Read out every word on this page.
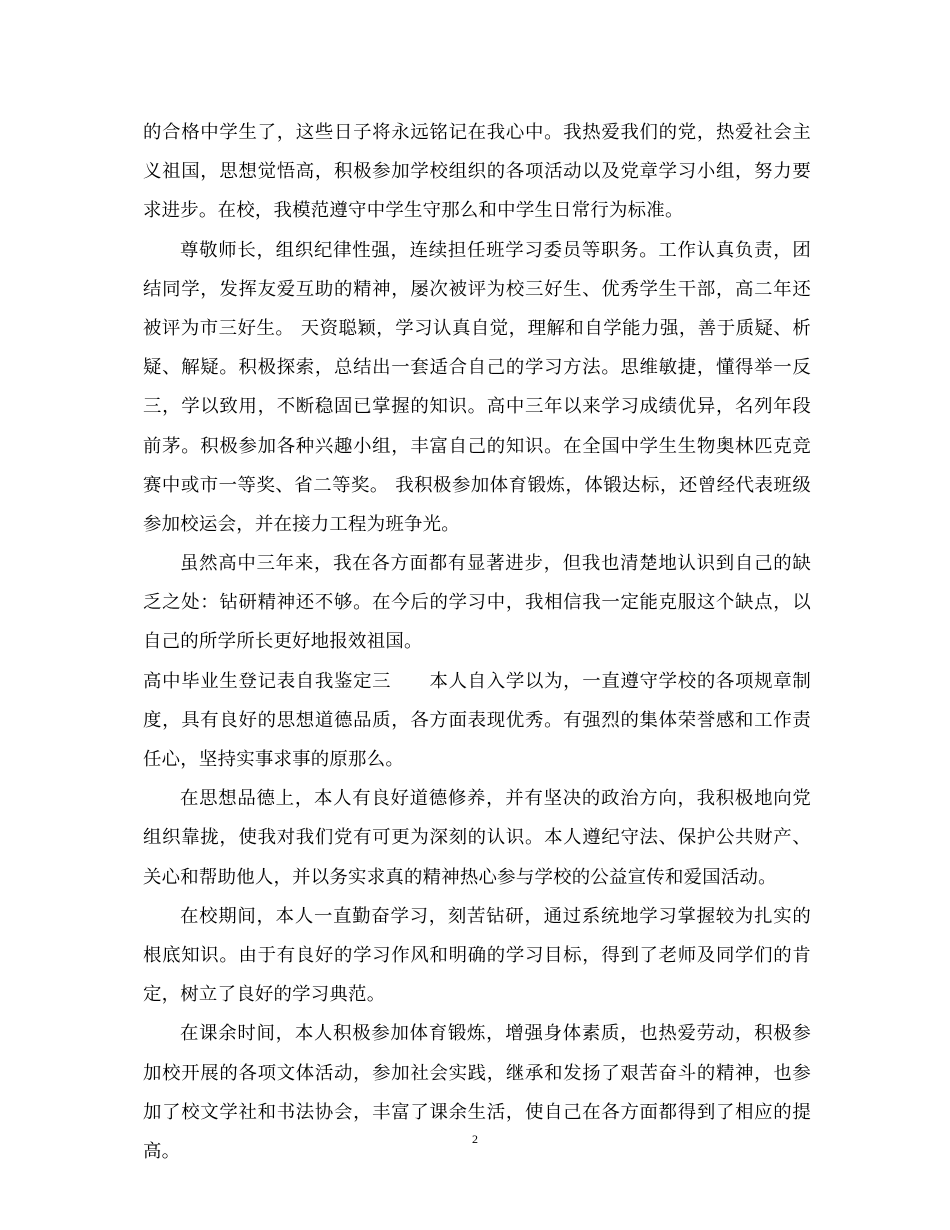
的合格中学生了，这些日子将永远铭记在我心中。我热爱我们的党，热爱社会主
义祖国，思想觉悟高，积极参加学校组织的各项活动以及党章学习小组，努力要
求进步。在校，我模范遵守中学生守那么和中学生日常行为标准。
尊敬师长，组织纪律性强，连续担任班学习委员等职务。工作认真负责，团
结同学，发挥友爱互助的精神，屡次被评为校三好生、优秀学生干部，高二年还
被评为市三好生。 天资聪颖，学习认真自觉，理解和自学能力强，善于质疑、析
疑、解疑。积极探索，总结出一套适合自己的学习方法。思维敏捷，懂得举一反
三，学以致用，不断稳固已掌握的知识。高中三年以来学习成绩优异，名列年段
前茅。积极参加各种兴趣小组，丰富自己的知识。在全国中学生生物奥林匹克竞
赛中或市一等奖、省二等奖。 我积极参加体育锻炼，体锻达标，还曾经代表班级
参加校运会，并在接力工程为班争光。
虽然高中三年来，我在各方面都有显著进步，但我也清楚地认识到自己的缺
乏之处：钻研精神还不够。在今后的学习中，我相信我一定能克服这个缺点，以
自己的所学所长更好地报效祖国。
高中毕业生登记表自我鉴定三　　本人自入学以为，一直遵守学校的各项规章制
度，具有良好的思想道德品质，各方面表现优秀。有强烈的集体荣誉感和工作责
任心，坚持实事求事的原那么。
在思想品德上，本人有良好道德修养，并有坚决的政治方向，我积极地向党
组织靠拢，使我对我们党有可更为深刻的认识。本人遵纪守法、保护公共财产、
关心和帮助他人，并以务实求真的精神热心参与学校的公益宣传和爱国活动。
在校期间，本人一直勤奋学习，刻苦钻研，通过系统地学习掌握较为扎实的
根底知识。由于有良好的学习作风和明确的学习目标，得到了老师及同学们的肯
定，树立了良好的学习典范。
在课余时间，本人积极参加体育锻炼，增强身体素质，也热爱劳动，积极参
加校开展的各项文体活动，参加社会实践，继承和发扬了艰苦奋斗的精神，也参
加了校文学社和书法协会，丰富了课余生活，使自己在各方面都得到了相应的提
高。
2
